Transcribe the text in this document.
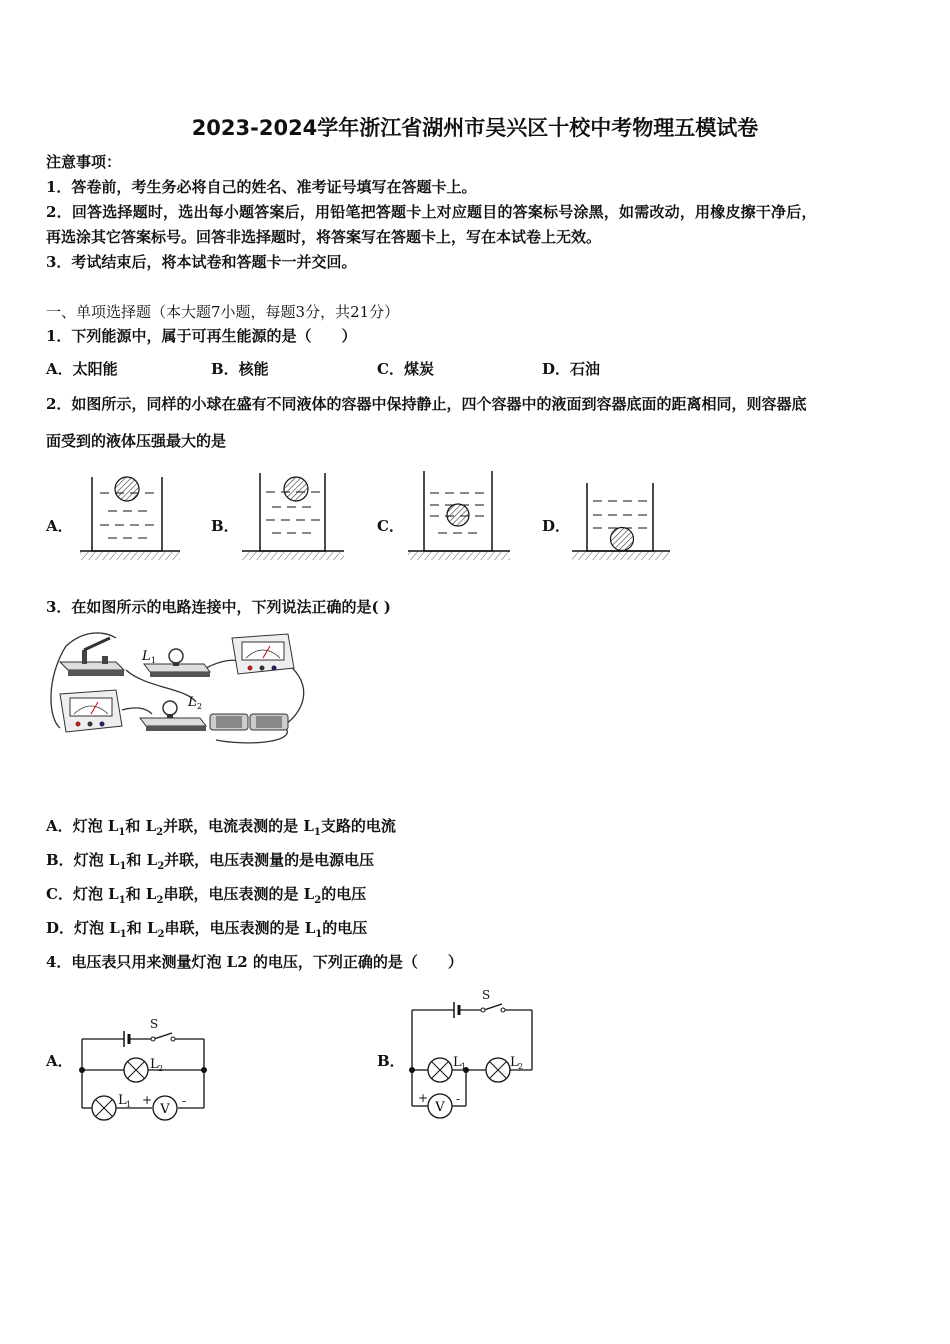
2023-2024学年浙江省湖州市吴兴区十校中考物理五模试卷
注意事项：
1．答卷前，考生务必将自己的姓名、准考证号填写在答题卡上。
2．回答选择题时，选出每小题答案后，用铅笔把答题卡上对应题目的答案标号涂黑，如需改动，用橡皮擦干净后，
再选涂其它答案标号。回答非选择题时，将答案写在答题卡上，写在本试卷上无效。
3．考试结束后，将本试卷和答题卡一并交回。
一、单项选择题（本大题7小题，每题3分，共21分）
1．下列能源中，属于可再生能源的是（　　）
A．太阳能	B．核能	C．煤炭	D．石油
2．如图所示，同样的小球在盛有不同液体的容器中保持静止，四个容器中的液面到容器底面的距离相同，则容器底
面受到的液体压强最大的是
A．	B．	C．	D．
3．在如图所示的电路连接中，下列说法正确的是( )
L 1
L 2
A．灯泡 $L_1$和 $L_2$并联，电流表测的是 $L_1$支路的电流
B．灯泡 $L_1$和 $L_2$并联，电压表测量的是电源电压
C．灯泡 $L_1$和 $L_2$串联，电压表测的是 $L_2$的电压
D．灯泡 $L_1$和 $L_2$串联，电压表测的是 $L_1$的电压
4．电压表只用来测量灯泡 L2 的电压，下列正确的是（　　）
A．	B．
V
S
L 2
L 1 + -	V
S
L 1	L 2
+ -
